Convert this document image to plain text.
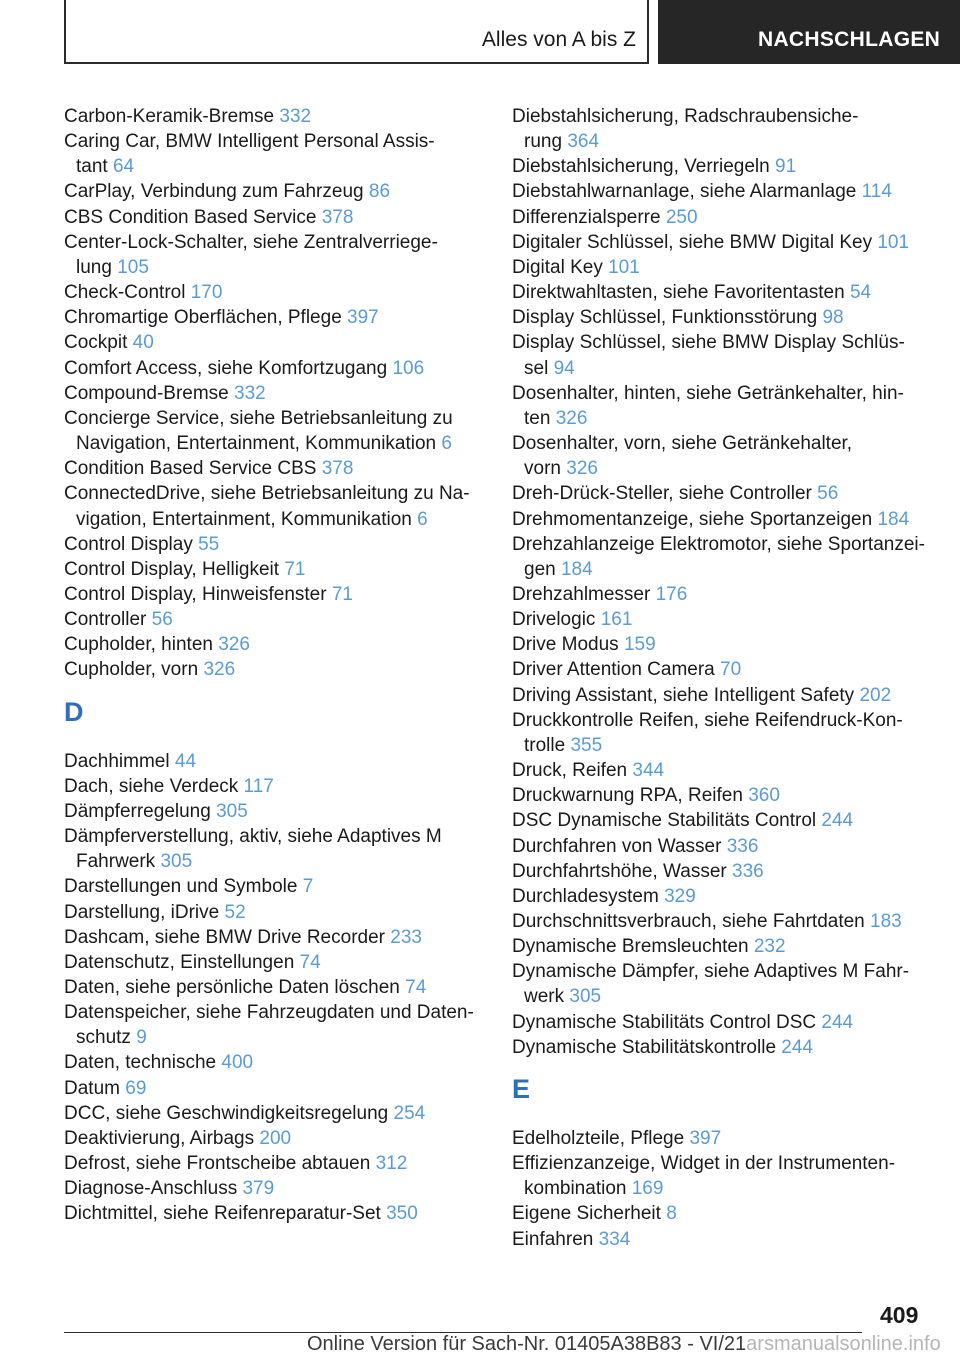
Alles von A bis Z	NACHSCHLAGEN
Carbon-Keramik-Bremse 332
Caring Car, BMW Intelligent Personal Assis-
tant 64
CarPlay, Verbindung zum Fahrzeug 86
CBS Condition Based Service 378
Center-Lock-Schalter, siehe Zentralverriege-
lung 105
Check-Control 170
Chromartige Oberflächen, Pflege 397
Cockpit 40
Comfort Access, siehe Komfortzugang 106
Compound-Bremse 332
Concierge Service, siehe Betriebsanleitung zu
Navigation, Entertainment, Kommunikation 6
Condition Based Service CBS 378
ConnectedDrive, siehe Betriebsanleitung zu Na-
vigation, Entertainment, Kommunikation 6
Control Display 55
Control Display, Helligkeit 71
Control Display, Hinweisfenster 71
Controller 56
Cupholder, hinten 326
Cupholder, vorn 326
D
Dachhimmel 44
Dach, siehe Verdeck 117
Dämpferregelung 305
Dämpferverstellung, aktiv, siehe Adaptives M
Fahrwerk 305
Darstellungen und Symbole 7
Darstellung, iDrive 52
Dashcam, siehe BMW Drive Recorder 233
Datenschutz, Einstellungen 74
Daten, siehe persönliche Daten löschen 74
Datenspeicher, siehe Fahrzeugdaten und Daten-
schutz 9
Daten, technische 400
Datum 69
DCC, siehe Geschwindigkeitsregelung 254
Deaktivierung, Airbags 200
Defrost, siehe Frontscheibe abtauen 312
Diagnose-Anschluss 379
Dichtmittel, siehe Reifenreparatur-Set 350
Diebstahlsicherung, Radschraubensiche-
rung 364
Diebstahlsicherung, Verriegeln 91
Diebstahlwarnanlage, siehe Alarmanlage 114
Differenzialsperre 250
Digitaler Schlüssel, siehe BMW Digital Key 101
Digital Key 101
Direktwahltasten, siehe Favoritentasten 54
Display Schlüssel, Funktionsstörung 98
Display Schlüssel, siehe BMW Display Schlüs-
sel 94
Dosenhalter, hinten, siehe Getränkehalter, hin-
ten 326
Dosenhalter, vorn, siehe Getränkehalter,
vorn 326
Dreh-Drück-Steller, siehe Controller 56
Drehmomentanzeige, siehe Sportanzeigen 184
Drehzahlanzeige Elektromotor, siehe Sportanzei-
gen 184
Drehzahlmesser 176
Drivelogic 161
Drive Modus 159
Driver Attention Camera 70
Driving Assistant, siehe Intelligent Safety 202
Druckkontrolle Reifen, siehe Reifendruck-Kon-
trolle 355
Druck, Reifen 344
Druckwarnung RPA, Reifen 360
DSC Dynamische Stabilitäts Control 244
Durchfahren von Wasser 336
Durchfahrtshöhe, Wasser 336
Durchladesystem 329
Durchschnittsverbrauch, siehe Fahrtdaten 183
Dynamische Bremsleuchten 232
Dynamische Dämpfer, siehe Adaptives M Fahr-
werk 305
Dynamische Stabilitäts Control DSC 244
Dynamische Stabilitätskontrolle 244
E
Edelholzteile, Pflege 397
Effizienzanzeige, Widget in der Instrumenten-
kombination 169
Eigene Sicherheit 8
Einfahren 334
409
Online Version für Sach-Nr. 01405A38B83 - VI/21arsmanualsonline.info
